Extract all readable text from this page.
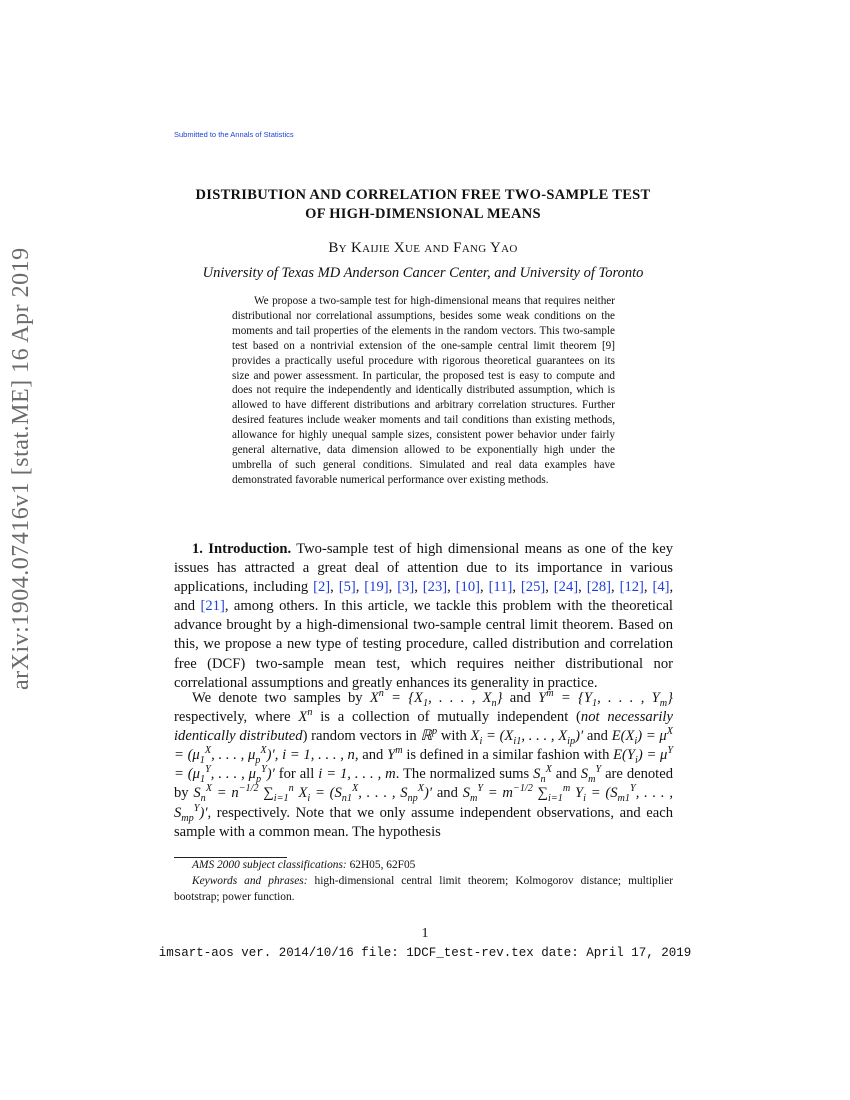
Submitted to the Annals of Statistics
arXiv:1904.07416v1 [stat.ME] 16 Apr 2019
DISTRIBUTION AND CORRELATION FREE TWO-SAMPLE TEST
OF HIGH-DIMENSIONAL MEANS
By Kaijie Xue and Fang Yao
University of Texas MD Anderson Cancer Center, and University of Toronto
We propose a two-sample test for high-dimensional means that requires neither distributional nor correlational assumptions, besides some weak conditions on the moments and tail properties of the elements in the random vectors. This two-sample test based on a nontrivial extension of the one-sample central limit theorem [9] provides a practically useful procedure with rigorous theoretical guarantees on its size and power assessment. In particular, the proposed test is easy to compute and does not require the independently and identically distributed assumption, which is allowed to have different distributions and arbitrary correlation structures. Further desired features include weaker moments and tail conditions than existing methods, allowance for highly unequal sample sizes, consistent power behavior under fairly general alternative, data dimension allowed to be exponentially high under the umbrella of such general conditions. Simulated and real data examples have demonstrated favorable numerical performance over existing methods.
1. Introduction. Two-sample test of high dimensional means as one of the key issues has attracted a great deal of attention due to its importance in various applications, including [2], [5], [19], [3], [23], [10], [11], [25], [24], [28], [12], [4], and [21], among others. In this article, we tackle this problem with the theoretical advance brought by a high-dimensional two-sample central limit theorem. Based on this, we propose a new type of testing procedure, called distribution and correlation free (DCF) two-sample mean test, which requires neither distributional nor correlational assumptions and greatly enhances its generality in practice.
We denote two samples by $X^n = \{X_1$, . . . , $X_n$} and $Y^m = \{Y_1$, . . . , $Y_m$} respectively, where $X^n$ is a collection of mutually independent (not necessarily identically distributed) random vectors in ℝ$^p$ with $X_i = (X_{i1}$, . . . , $X_{ip})'$ and $E(X_i) = \mu^X = (\mu_1^X$, . . . , $\mu_p^X)'$, i = 1, . . . , n, and $Y^m$ is defined in a similar fashion with $E(Y_i) = \mu^Y = (\mu_1^Y$, . . . , $\mu_p^Y)'$ for all i = 1, . . . , m. The normalized sums $S_n^X$ and $S_m^Y$ are denoted by $S_n^X = n^{-1/2}$ $\sum_{i=1}^n$ $X_i = (S_{n1}^X$, . . . , $S_{np}^X)'$ and $S_m^Y = m^{-1/2}$ $\sum_{i=1}^m$ $Y_i = (S_{m1}^Y$, . . . , $S_{mp}^Y)'$, respectively. Note that we only assume independent observations, and each sample with a common mean. The hypothesis
AMS 2000 subject classifications: 62H05, 62F05
Keywords and phrases: high-dimensional central limit theorem; Kolmogorov distance; multiplier bootstrap; power function.
1
imsart-aos ver. 2014/10/16 file: 1DCF_test-rev.tex date: April 17, 2019
